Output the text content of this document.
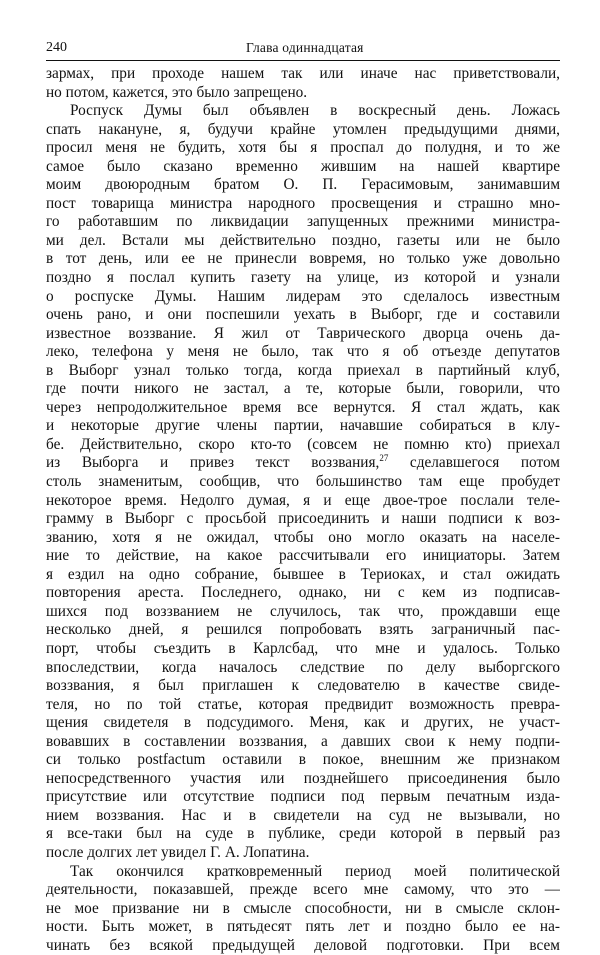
240	Глава одиннадцатая
зармах, при проходе нашем так или иначе нас приветствовали,
но потом, кажется, это было запрещено.
Роспуск Думы был объявлен в воскресный день. Ложась
спать накануне, я, будучи крайне утомлен предыдущими днями,
просил меня не будить, хотя бы я проспал до полудня, и то же
самое было сказано временно жившим на нашей квартире
моим двоюродным братом О. П. Герасимовым, занимавшим
пост товарища министра народного просвещения и страшно мно-
го работавшим по ликвидации запущенных прежними министра-
ми дел. Встали мы действительно поздно, газеты или не было
в тот день, или ее не принесли вовремя, но только уже довольно
поздно я послал купить газету на улице, из которой и узнали
о роспуске Думы. Нашим лидерам это сделалось известным
очень рано, и они поспешили уехать в Выборг, где и составили
известное воззвание. Я жил от Таврического дворца очень да-
леко, телефона у меня не было, так что я об отъезде депутатов
в Выборг узнал только тогда, когда приехал в партийный клуб,
где почти никого не застал, а те, которые были, говорили, что
через непродолжительное время все вернутся. Я стал ждать, как
и некоторые другие члены партии, начавшие собираться в клу-
бе. Действительно, скоро кто-то (совсем не помню кто) приехал
из Выборга и привез текст воззвания,$^{27}$ сделавшегося потом
столь знаменитым, сообщив, что большинство там еще пробудет
некоторое время. Недолго думая, я и еще двое-трое послали теле-
грамму в Выборг с просьбой присоединить и наши подписи к воз-
званию, хотя я не ожидал, чтобы оно могло оказать на населе-
ние то действие, на какое рассчитывали его инициаторы. Затем
я ездил на одно собрание, бывшее в Териоках, и стал ожидать
повторения ареста. Последнего, однако, ни с кем из подписав-
шихся под воззванием не случилось, так что, прождавши еще
несколько дней, я решился попробовать взять заграничный пас-
порт, чтобы съездить в Карлсбад, что мне и удалось. Только
впоследствии, когда началось следствие по делу выборгского
воззвания, я был приглашен к следователю в качестве свиде-
теля, но по той статье, которая предвидит возможность превра-
щения свидетеля в подсудимого. Меня, как и других, не участ-
вовавших в составлении воззвания, а давших свои к нему подпи-
си только postfactum оставили в покое, внешним же признаком
непосредственного участия или позднейшего присоединения было
присутствие или отсутствие подписи под первым печатным изда-
нием воззвания. Нас и в свидетели на суд не вызывали, но
я все-таки был на суде в публике, среди которой в первый раз
после долгих лет увидел Г. А. Лопатина.
Так окончился кратковременный период моей политической
деятельности, показавшей, прежде всего мне самому, что это —
не мое призвание ни в смысле способности, ни в смысле склон-
ности. Быть может, в пятьдесят пять лет и поздно было ее на-
чинать без всякой предыдущей деловой подготовки. При всем
